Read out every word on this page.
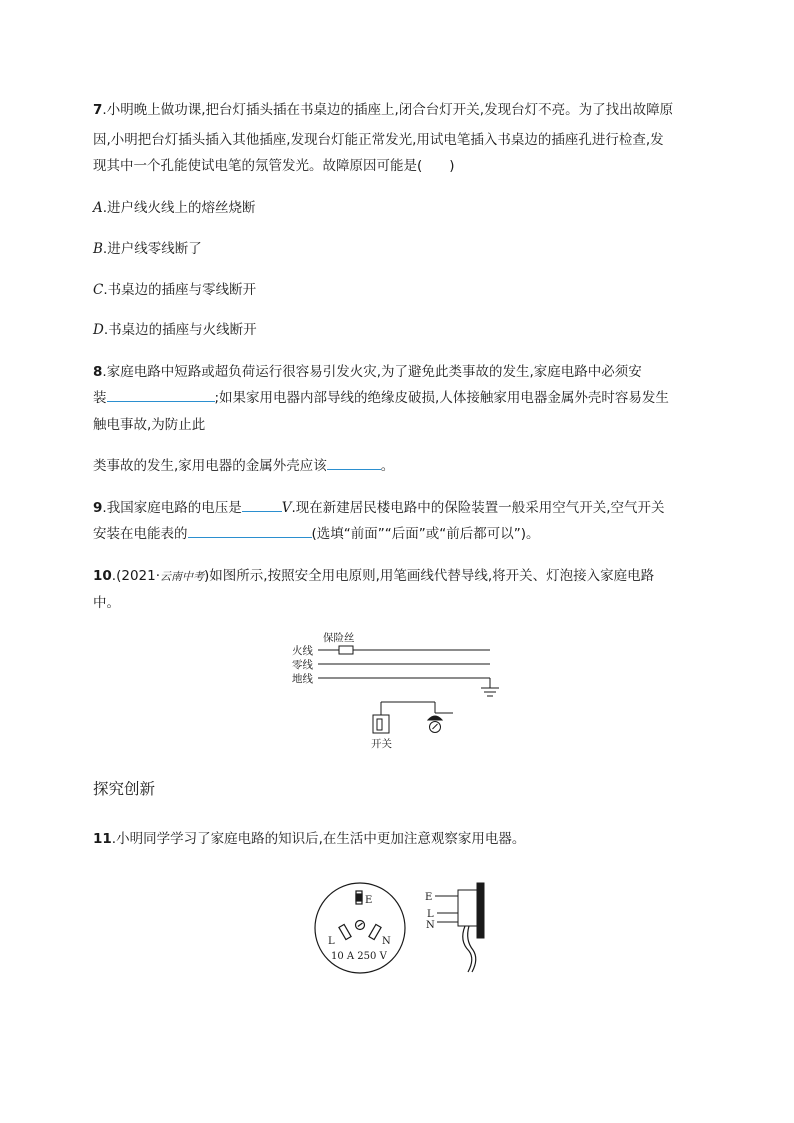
7.小明晚上做功课,把台灯插头插在书桌边的插座上,闭合台灯开关,发现台灯不亮。为了找出故障原
因,小明把台灯插头插入其他插座,发现台灯能正常发光,用试电笔插入书桌边的插座孔进行检查,发
现其中一个孔能使试电笔的氖管发光。故障原因可能是(　　)
A.进户线火线上的熔丝烧断
B.进户线零线断了
C.书桌边的插座与零线断开
D.书桌边的插座与火线断开
8.家庭电路中短路或超负荷运行很容易引发火灾,为了避免此类事故的发生,家庭电路中必须安
装	;如果家用电器内部导线的绝缘皮破损,人体接触家用电器金属外壳时容易发生
触电事故,为防止此
类事故的发生,家用电器的金属外壳应该	。
9.我国家庭电路的电压是	V.现在新建居民楼电路中的保险装置一般采用空气开关,空气开关
安装在电能表的	(选填“前面”“后面”或“前后都可以”)。
10.(2021·云南中考)如图所示,按照安全用电原则,用笔画线代替导线,将开关、灯泡接入家庭电路
中。
保险丝
火线
零线
地线
开关
探究创新
11.小明同学学习了家庭电路的知识后,在生活中更加注意观察家用电器。
E
L	N
10 A 250 V
E
L
N
